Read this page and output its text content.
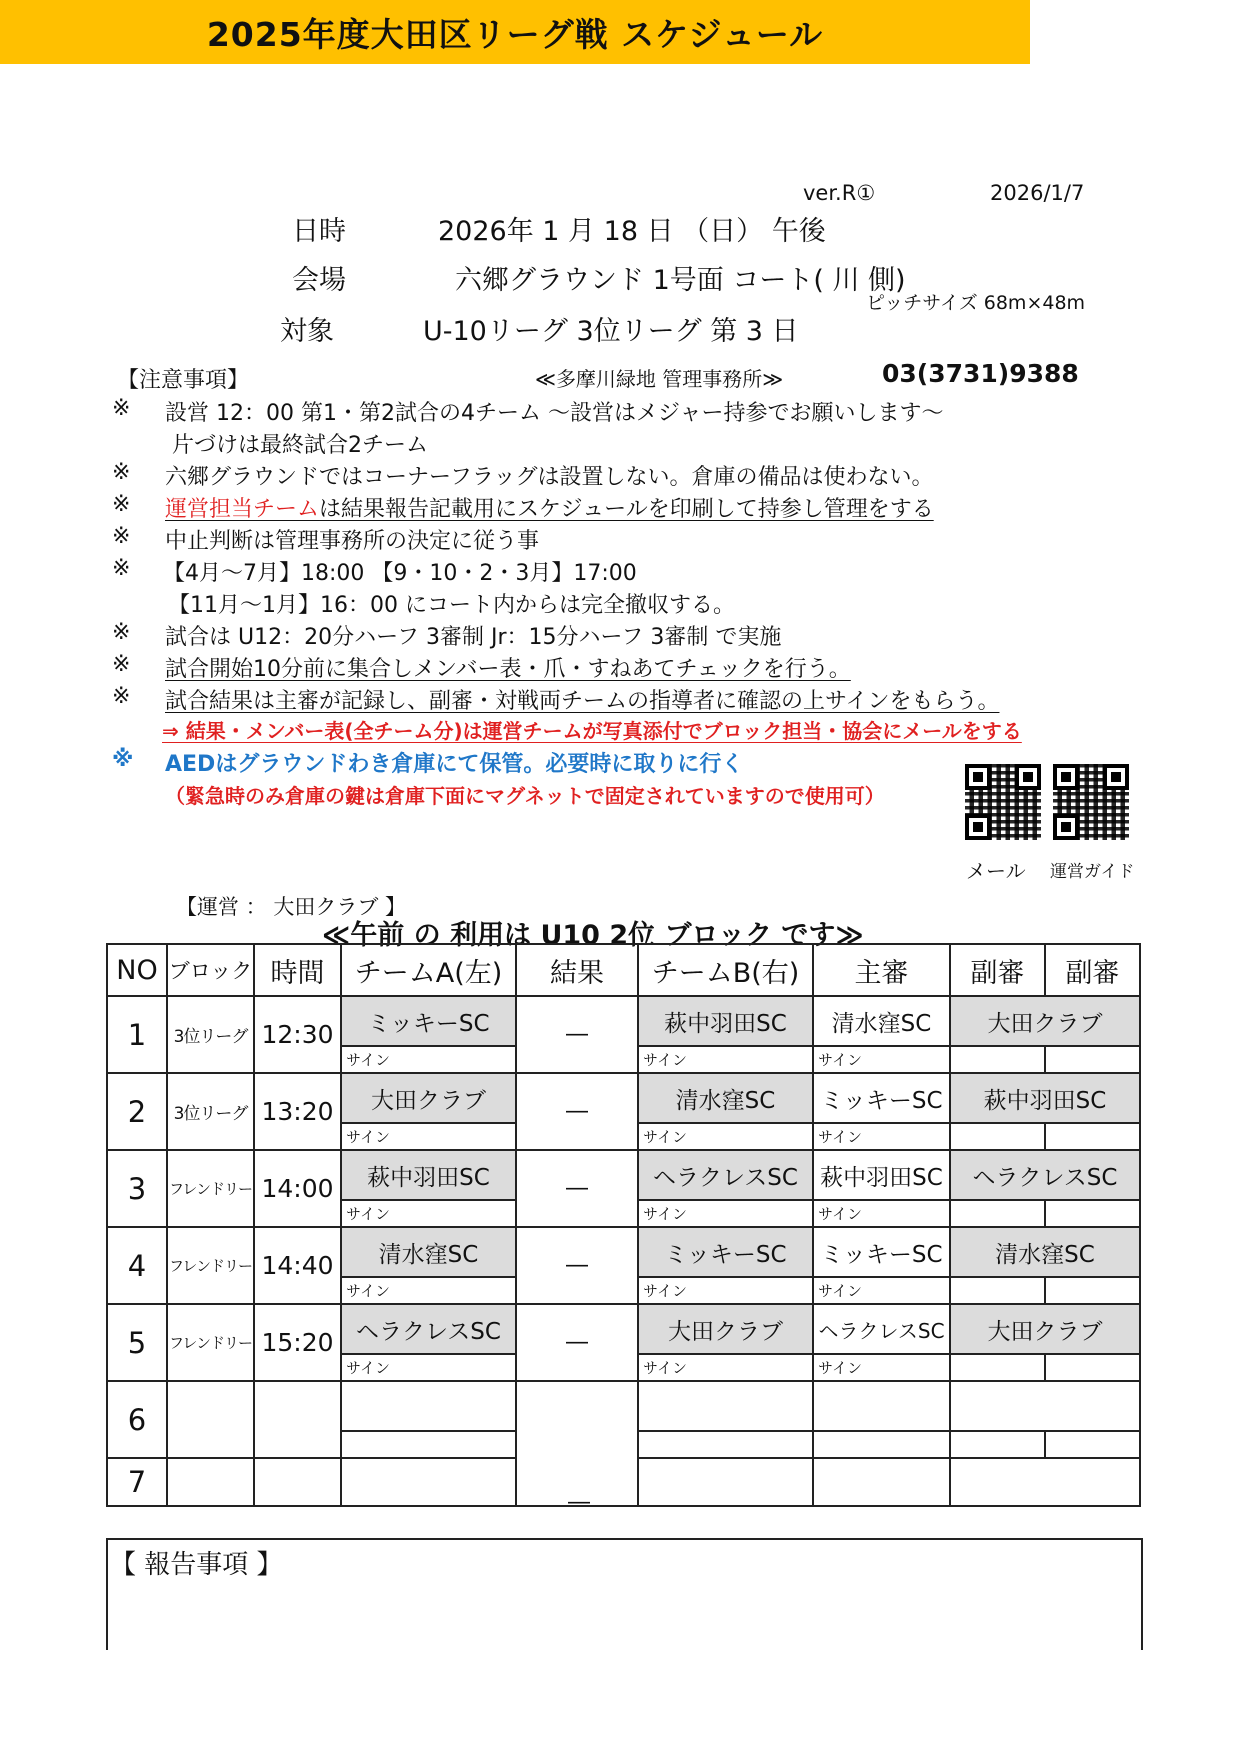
2025年度大田区リーグ戦 スケジュール
ver.R①	2026/1/7
日時	2026年 1 月 18 日 （日） 午後
会場	六郷グラウンド 1号面 コート( 川 側)
ピッチサイズ 68m×48m
対象	U-10リーグ 3位リーグ 第 3 日
【注意事項】	≪多摩川緑地 管理事務所≫	03(3731)9388
※ 設営 12：00 第1・第2試合の4チーム ～設営はメジャー持参でお願いします～
片づけは最終試合2チーム
※ 六郷グラウンドではコーナーフラッグは設置しない。倉庫の備品は使わない。
※ 運営担当チームは結果報告記載用にスケジュールを印刷して持参し管理をする
※ 中止判断は管理事務所の決定に従う事
※ 【4月～7月】18:00 【9・10・2・3月】17:00
【11月～1月】16：00 にコート内からは完全撤収する。
※ 試合は U12：20分ハーフ 3審制 Jr：15分ハーフ 3審制 で実施
※ 試合開始10分前に集合しメンバー表・爪・すねあてチェックを行う。
※ 試合結果は主審が記録し、副審・対戦両チームの指導者に確認の上サインをもらう。
⇒ 結果・メンバー表(全チーム分)は運営チームが写真添付でブロック担当・協会にメールをする
※ AEDはグラウンドわき倉庫にて保管。必要時に取りに行く
（緊急時のみ倉庫の鍵は倉庫下面にマグネットで固定されていますので使用可）
メール 運営ガイド
【運営 ： 大田クラブ 】
≪午前 の 利用は U10 2位 ブロック です≫
NO	ブロック	時間	チームA(左)	結果	チームB(右)	主審	副審	副審
1	3位リーグ	12:30	ミッキーSC	―	萩中羽田SC	清水窪SC	大田クラブ	
			サイン		サイン	サイン		
2	3位リーグ	13:20	大田クラブ	―	清水窪SC	ミッキーSC	萩中羽田SC	
			サイン		サイン	サイン		
3	フレンドリー	14:00	萩中羽田SC	―	ヘラクレスSC	萩中羽田SC	ヘラクレスSC	
			サイン		サイン	サイン		
4	フレンドリー	14:40	清水窪SC	―	ミッキーSC	ミッキーSC	清水窪SC	
			サイン		サイン	サイン		
5	フレンドリー	15:20	ヘラクレスSC	―	大田クラブ	ヘラクレスSC	大田クラブ	
			サイン		サイン	サイン		
6								

7								
―
【 報告事項 】
